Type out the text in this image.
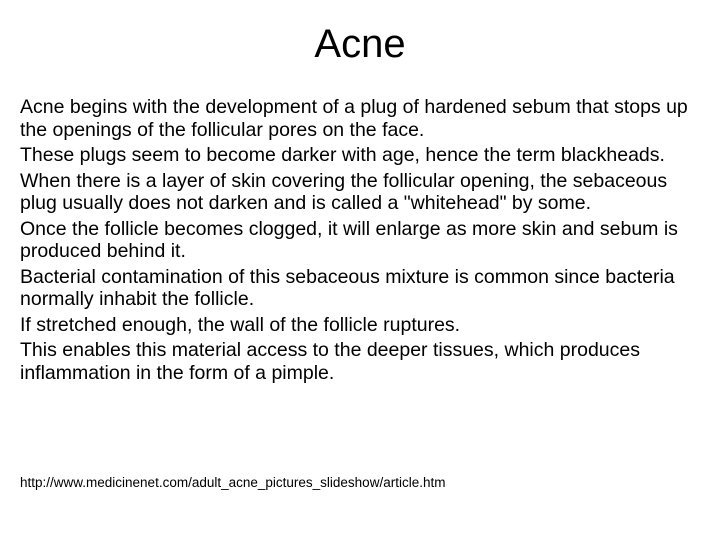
Acne

Acne begins with the development of a plug of hardened sebum that stops up the openings of the follicular pores on the face.

These plugs seem to become darker with age, hence the term blackheads.

When there is a layer of skin covering the follicular opening, the sebaceous plug usually does not darken and is called a "whitehead" by some.

Once the follicle becomes clogged, it will enlarge as more skin and sebum is produced behind it.

Bacterial contamination of this sebaceous mixture is common since bacteria normally inhabit the follicle.

If stretched enough, the wall of the follicle ruptures.

This enables this material access to the deeper tissues, which produces inflammation in the form of a pimple.

http://www.medicinenet.com/adult_acne_pictures_slideshow/article.htm
